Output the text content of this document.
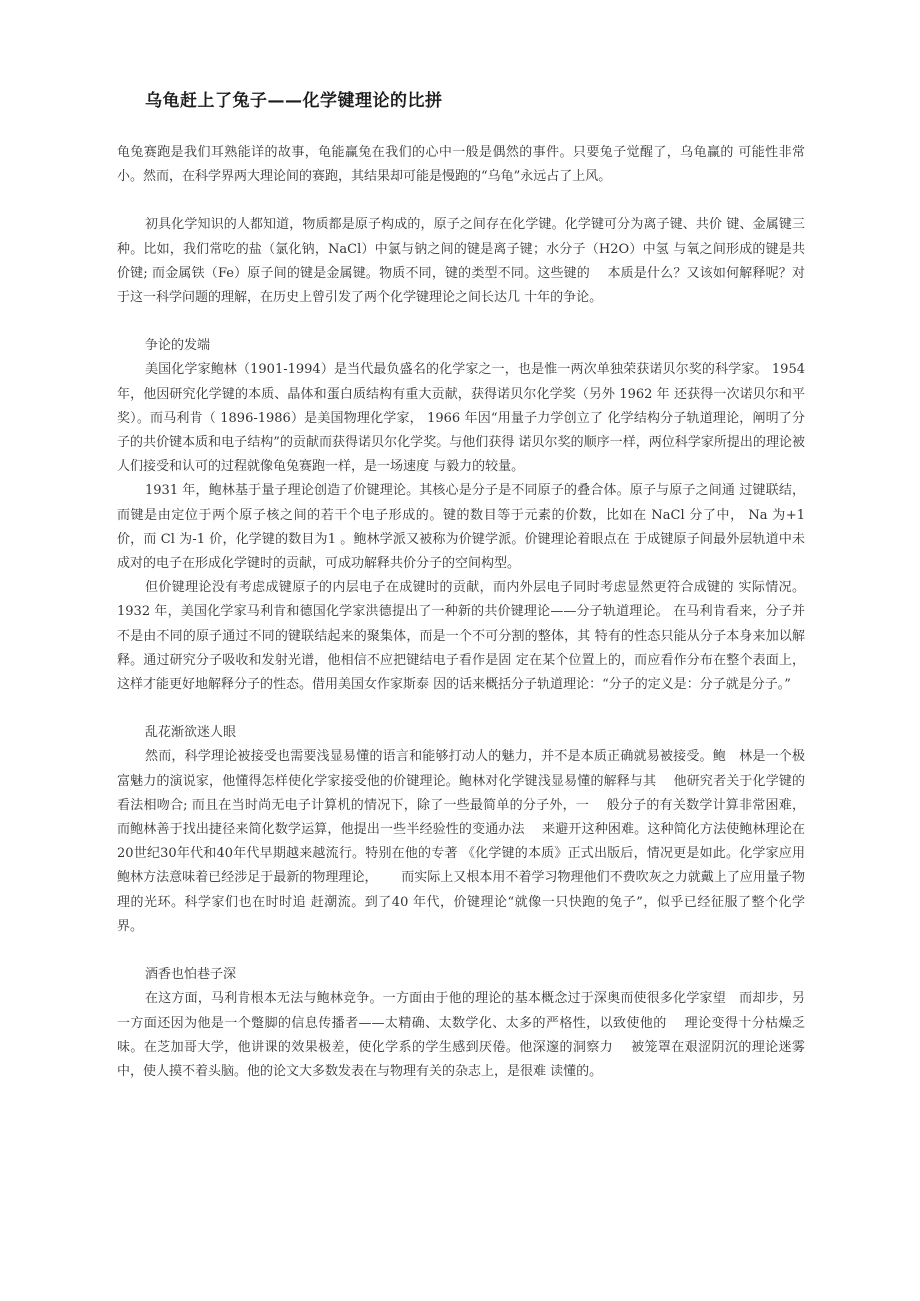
乌龟赶上了兔子——化学键理论的比拼

龟兔赛跑是我们耳熟能详的故事，龟能赢兔在我们的心中一般是偶然的事件。只要兔子觉醒了，乌龟赢的 可能性非常小。然而，在科学界两大理论间的赛跑，其结果却可能是慢跑的“乌龟”永远占了上风。

初具化学知识的人都知道，物质都是原子构成的，原子之间存在化学键。化学键可分为离子键、共价 键、金属键三种。比如，我们常吃的盐（氯化钠，NaCl）中氯与钠之间的键是离子键；水分子（H2O）中氢 与氧之间形成的键是共价键; 而金属铁（Fe）原子间的键是金属键。物质不同，键的类型不同。这些键的　 本质是什么？又该如何解释呢？对于这一科学问题的理解，在历史上曾引发了两个化学键理论之间长达几 十年的争论。

争论的发端

美国化学家鲍林（1901-1994）是当代最负盛名的化学家之一，也是惟一两次单独荣获诺贝尔奖的科学家。 1954 年，他因研究化学键的本质、晶体和蛋白质结构有重大贡献，获得诺贝尔化学奖（另外 1962 年 还获得一次诺贝尔和平奖）。而马利肯（ 1896-1986）是美国物理化学家， 1966 年因“用量子力学创立了 化学结构分子轨道理论，阐明了分子的共价键本质和电子结构”的贡献而获得诺贝尔化学奖。与他们获得 诺贝尔奖的顺序一样，两位科学家所提出的理论被人们接受和认可的过程就像龟兔赛跑一样，是一场速度 与毅力的较量。

1931 年，鲍林基于量子理论创造了价键理论。其核心是分子是不同原子的叠合体。原子与原子之间通 过键联结，而键是由定位于两个原子核之间的若干个电子形成的。键的数目等于元素的价数，比如在 NaCl 分了中， Na 为+1 价，而 Cl 为-1 价，化学键的数目为1 。鲍林学派又被称为价键学派。价键理论着眼点在 于成键原子间最外层轨道中未成对的电子在形成化学键时的贡献，可成功解释共价分子的空间构型。

但价键理论没有考虑成键原子的内层电子在成键时的贡献，而内外层电子同时考虑显然更符合成键的 实际情况。 1932 年，美国化学家马利肯和德国化学家洪德提出了一种新的共价键理论——分子轨道理论。 在马利肯看来，分子并不是由不同的原子通过不同的键联结起来的聚集体，而是一个不可分割的整体，其 特有的性态只能从分子本身来加以解释。通过研究分子吸收和发射光谱，他相信不应把键结电子看作是固 定在某个位置上的，而应看作分布在整个表面上，这样才能更好地解释分子的性态。借用美国女作家斯泰 因的话来概括分子轨道理论：“分子的定义是：分子就是分子。”

乱花渐欲迷人眼

然而，科学理论被接受也需要浅显易懂的语言和能够打动人的魅力，并不是本质正确就易被接受。鲍　林是一个极富魅力的演说家，他懂得怎样使化学家接受他的价键理论。鲍林对化学键浅显易懂的解释与其　 他研究者关于化学键的看法相吻合; 而且在当时尚无电子计算机的情况下，除了一些最简单的分子外，一　 般分子的有关数学计算非常困难，而鲍林善于找出捷径来简化数学运算，他提出一些半经验性的变通办法　 来避开这种困难。这种简化方法使鲍林理论在 20世纪30年代和40年代早期越来越流行。特别在他的专著 《化学键的本质》正式出版后，情况更是如此。化学家应用鲍林方法意味着已经涉足于最新的物理理论，　　 而实际上又根本用不着学习物理他们不费吹灰之力就戴上了应用量子物理的光环。科学家们也在时时追 赶潮流。到了40 年代，价键理论“就像一只快跑的兔子”，似乎已经征服了整个化学界。

酒香也怕巷子深

在这方面，马利肯根本无法与鲍林竞争。一方面由于他的理论的基本概念过于深奥而使很多化学家望　而却步，另一方面还因为他是一个蹩脚的信息传播者——太精确、太数学化、太多的严格性，以致使他的　 理论变得十分枯燥乏味。在芝加哥大学，他讲课的效果极差，使化学系的学生感到厌倦。他深邃的洞察力　 被笼罩在艰涩阴沉的理论迷雾中，使人摸不着头脑。他的论文大多数发表在与物理有关的杂志上，是很难 读懂的。
